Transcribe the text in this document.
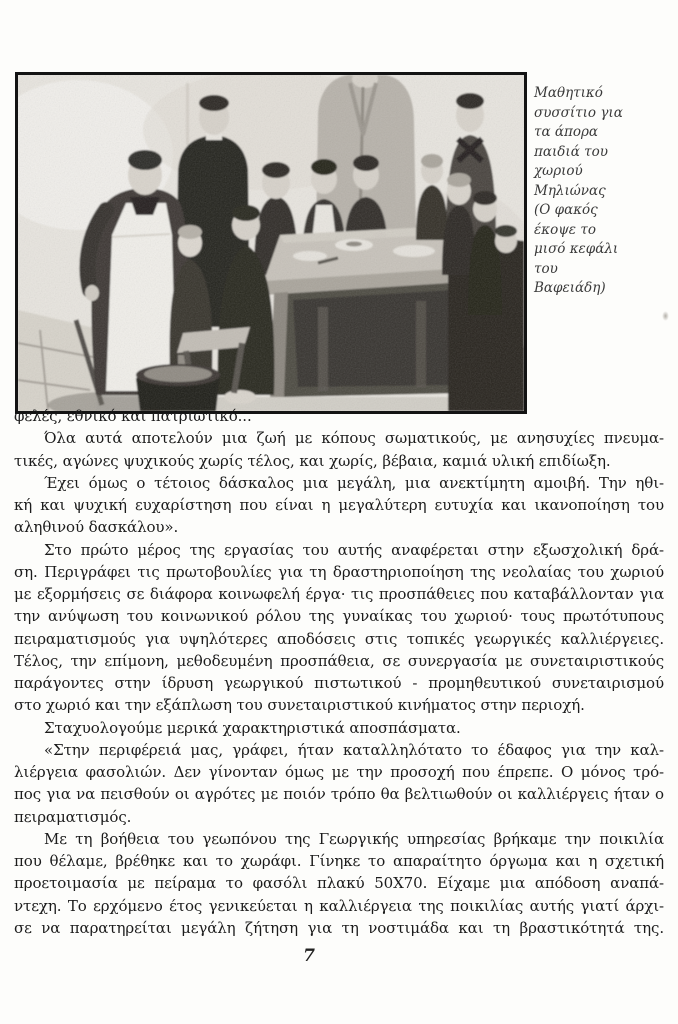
Μαθητικό
συσσίτιο για
τα άπορα
παιδιά του
χωριού
Μηλιώνας
(Ο φακός
έκοψε το
μισό κεφάλι
του
Βαφειάδη)
φελές, εθνικό και πατριωτικό...
Όλα αυτά αποτελούν μια ζωή με κόπους σωματικούς, με ανησυχίες πνευμα-
τικές, αγώνες ψυχικούς χωρίς τέλος, και χωρίς, βέβαια, καμιά υλική επιδίωξη.
Έχει όμως ο τέτοιος δάσκαλος μια μεγάλη, μια ανεκτίμητη αμοιβή. Την ηθι-
κή και ψυχική ευχαρίστηση που είναι η μεγαλύτερη ευτυχία και ικανοποίηση του
αληθινού δασκάλου».
Στο πρώτο μέρος της εργασίας του αυτής αναφέρεται στην εξωσχολική δρά-
ση. Περιγράφει τις πρωτοβουλίες για τη δραστηριοποίηση της νεολαίας του χωριού
με εξορμήσεις σε διάφορα κοινωφελή έργα· τις προσπάθειες που καταβάλλονταν για
την ανύψωση του κοινωνικού ρόλου της γυναίκας του χωριού· τους πρωτότυπους
πειραματισμούς για υψηλότερες αποδόσεις στις τοπικές γεωργικές καλλιέργειες.
Τέλος, την επίμονη, μεθοδευμένη προσπάθεια, σε συνεργασία με συνεταιριστικούς
παράγοντες στην ίδρυση γεωργικού πιστωτικού - προμηθευτικού συνεταιρισμού
στο χωριό και την εξάπλωση του συνεταιριστικού κινήματος στην περιοχή.
Σταχυολογούμε μερικά χαρακτηριστικά αποσπάσματα.
«Στην περιφέρειά μας, γράφει, ήταν καταλληλότατο το έδαφος για την καλ-
λιέργεια φασολιών. Δεν γίνονταν όμως με την προσοχή που έπρεπε. Ο μόνος τρό-
πος για να πεισθούν οι αγρότες με ποιόν τρόπο θα βελτιωθούν οι καλλιέργεις ήταν ο
πειραματισμός.
Με τη βοήθεια του γεωπόνου της Γεωργικής υπηρεσίας βρήκαμε την ποικιλία
που θέλαμε, βρέθηκε και το χωράφι. Γίνηκε το απαραίτητο όργωμα και η σχετική
προετοιμασία με πείραμα το φασόλι πλακύ 50X70. Είχαμε μια απόδοση αναπά-
ντεχη. Το ερχόμενο έτος γενικεύεται η καλλιέργεια της ποικιλίας αυτής γιατί άρχι-
σε να παρατηρείται μεγάλη ζήτηση για τη νοστιμάδα και τη βραστικότητά της.
7
